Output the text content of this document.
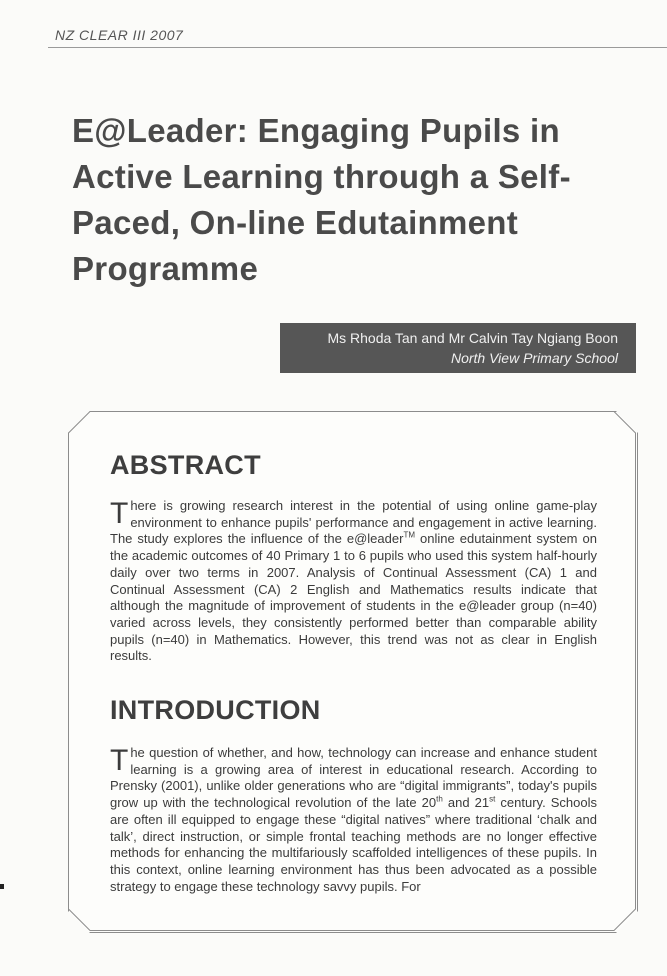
NZ CLEAR III 2007
E@Leader: Engaging Pupils in Active Learning through a Self-Paced, On-line Edutainment Programme
Ms Rhoda Tan and Mr Calvin Tay Ngiang Boon
North View Primary School
ABSTRACT

There is growing research interest in the potential of using online game-play environment to enhance pupils' performance and engagement in active learning. The study explores the influence of the e@leader™ online edutainment system on the academic outcomes of 40 Primary 1 to 6 pupils who used this system half-hourly daily over two terms in 2007. Analysis of Continual Assessment (CA) 1 and Continual Assessment (CA) 2 English and Mathematics results indicate that although the magnitude of improvement of students in the e@leader group (n=40) varied across levels, they consistently performed better than comparable ability pupils (n=40) in Mathematics. However, this trend was not as clear in English results.

INTRODUCTION

The question of whether, and how, technology can increase and enhance student learning is a growing area of interest in educational research. According to Prensky (2001), unlike older generations who are “digital immigrants”, today's pupils grow up with the technological revolution of the late 20th and 21st century. Schools are often ill equipped to engage these “digital natives” where traditional ‘chalk and talk’, direct instruction, or simple frontal teaching methods are no longer effective methods for enhancing the multifariously scaffolded intelligences of these pupils. In this context, online learning environment has thus been advocated as a possible strategy to engage these technology savvy pupils. For
